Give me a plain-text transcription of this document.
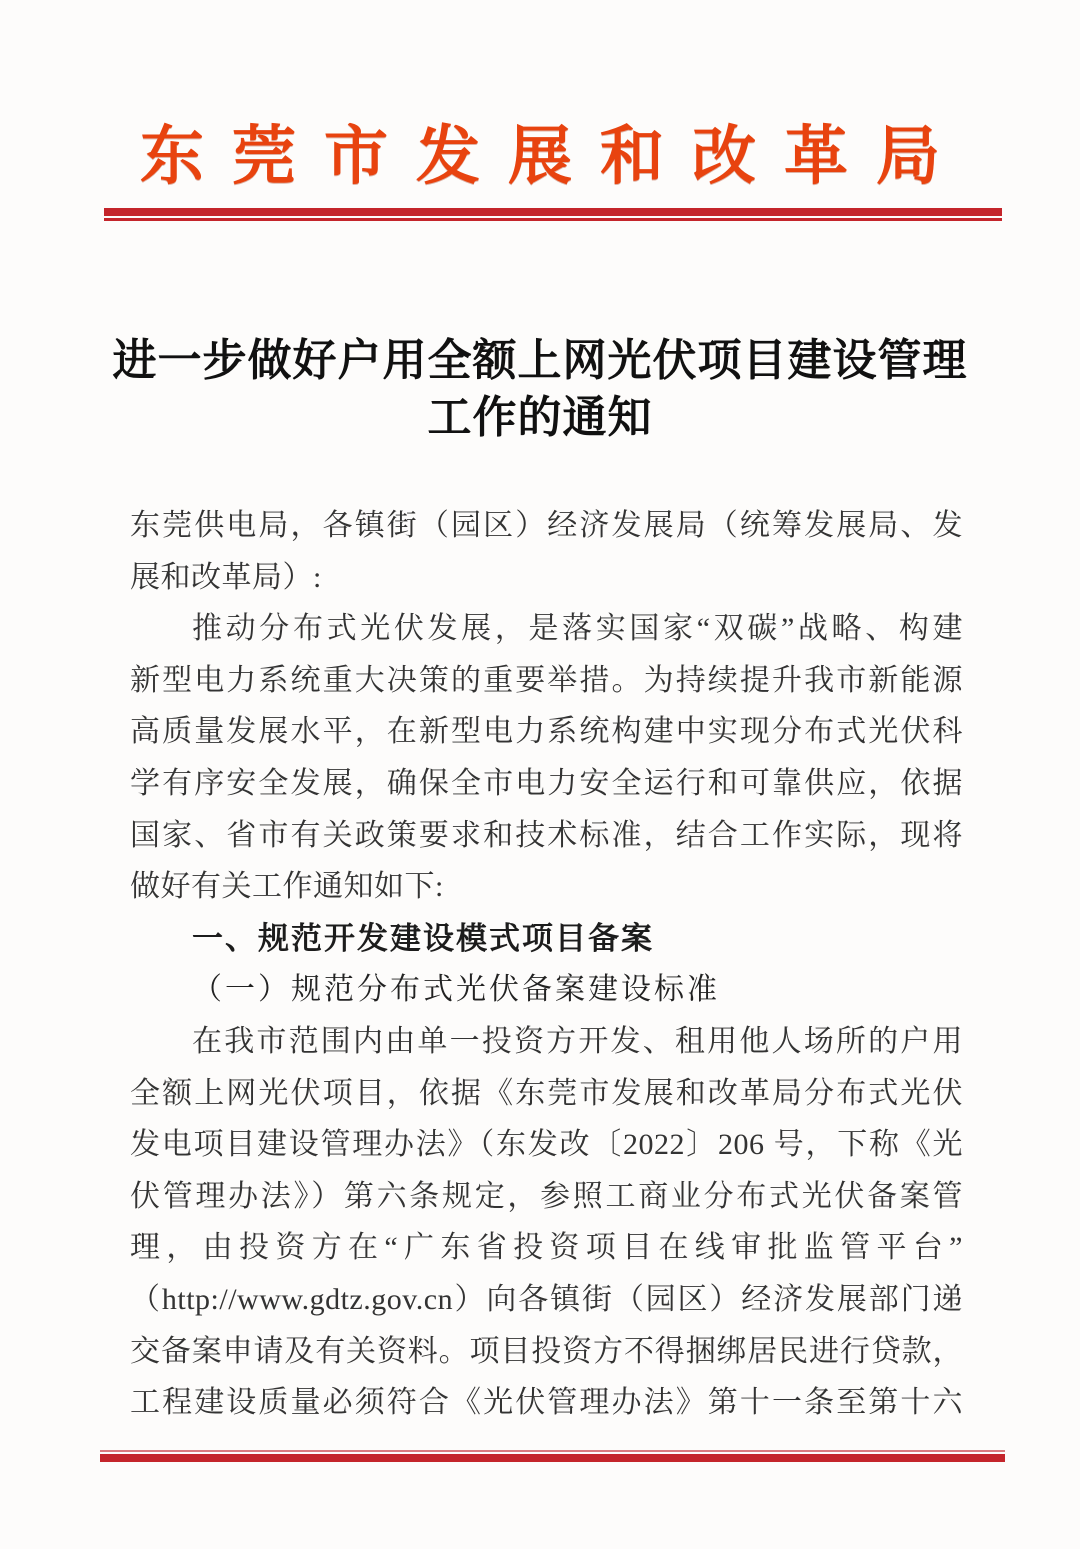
东莞市发展和改革局
进一步做好户用全额上网光伏项目建设管理
工作的通知
东莞供电局，各镇街（园区）经济发展局（统筹发展局、发
展和改革局）:
推动分布式光伏发展，是落实国家“双碳”战略、构建
新型电力系统重大决策的重要举措。为持续提升我市新能源
高质量发展水平，在新型电力系统构建中实现分布式光伏科
学有序安全发展，确保全市电力安全运行和可靠供应，依据
国家、省市有关政策要求和技术标准，结合工作实际，现将
做好有关工作通知如下:
一、规范开发建设模式项目备案
（一）规范分布式光伏备案建设标准
在我市范围内由单一投资方开发、租用他人场所的户用
全额上网光伏项目，依据《东莞市发展和改革局分布式光伏
发电项目建设管理办法》（东发改〔2022〕206 号，下称《光
伏管理办法》）第六条规定，参照工商业分布式光伏备案管
理，由投资方在“广东省投资项目在线审批监管平台”
（http://www.gdtz.gov.cn）向各镇街（园区）经济发展部门递
交备案申请及有关资料。项目投资方不得捆绑居民进行贷款，
工程建设质量必须符合《光伏管理办法》第十一条至第十六
